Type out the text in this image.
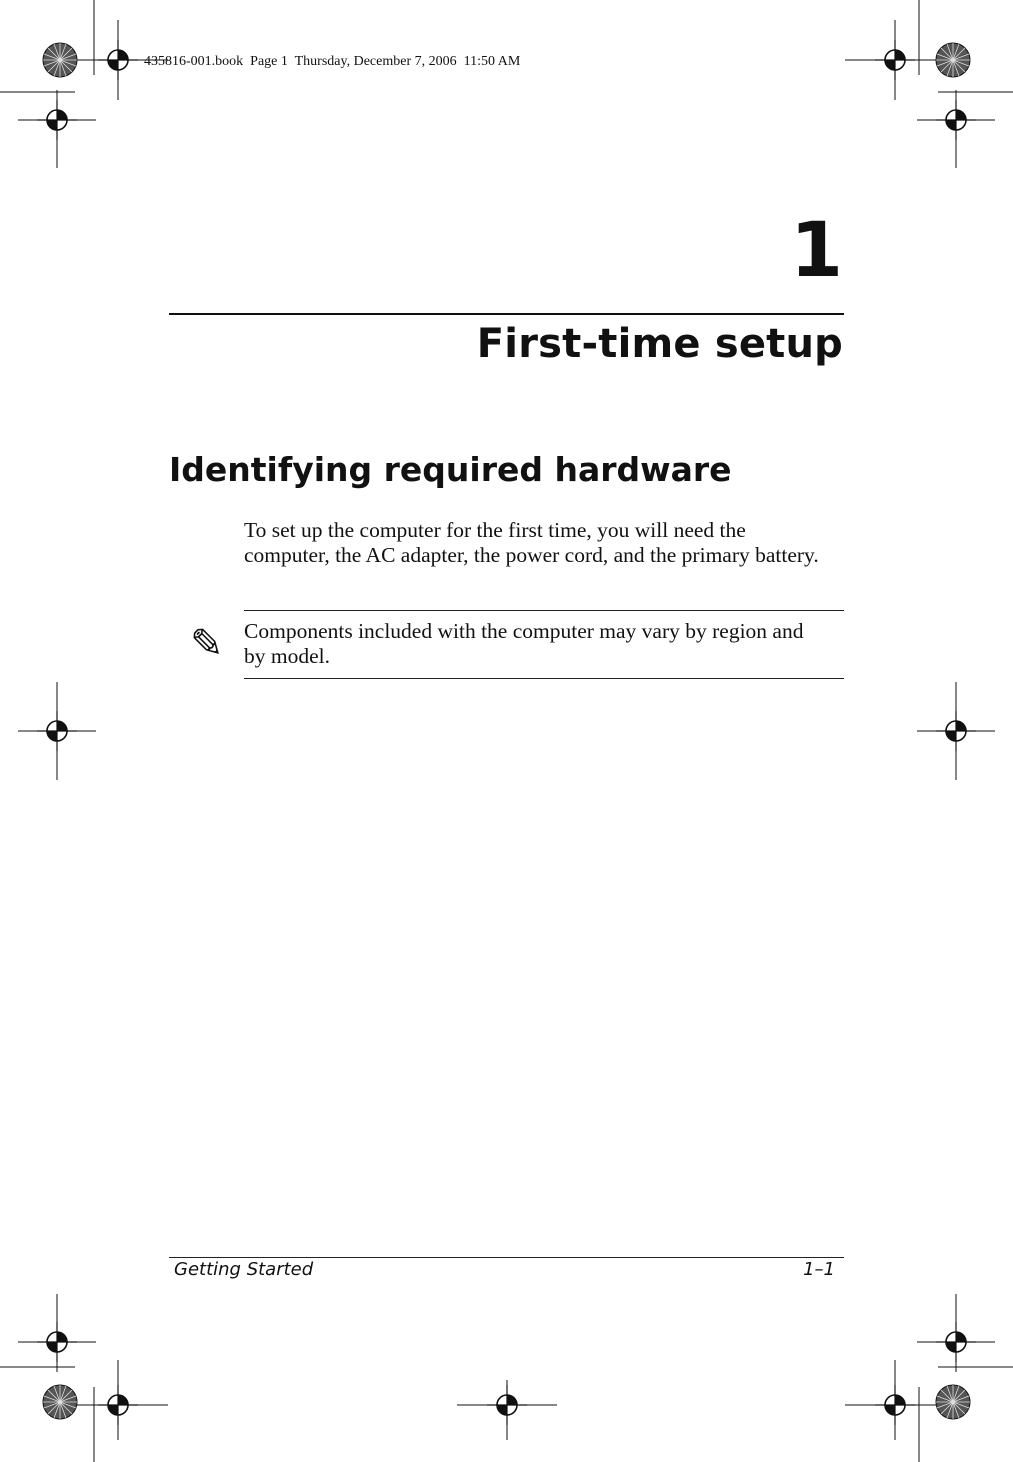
435816-001.book  Page 1  Thursday, December 7, 2006  11:50 AM
1
First-time setup
Identifying required hardware
To set up the computer for the first time, you will need the computer, the AC adapter, the power cord, and the primary battery.
✎ Components included with the computer may vary by region and by model.
Getting Started	1–1
